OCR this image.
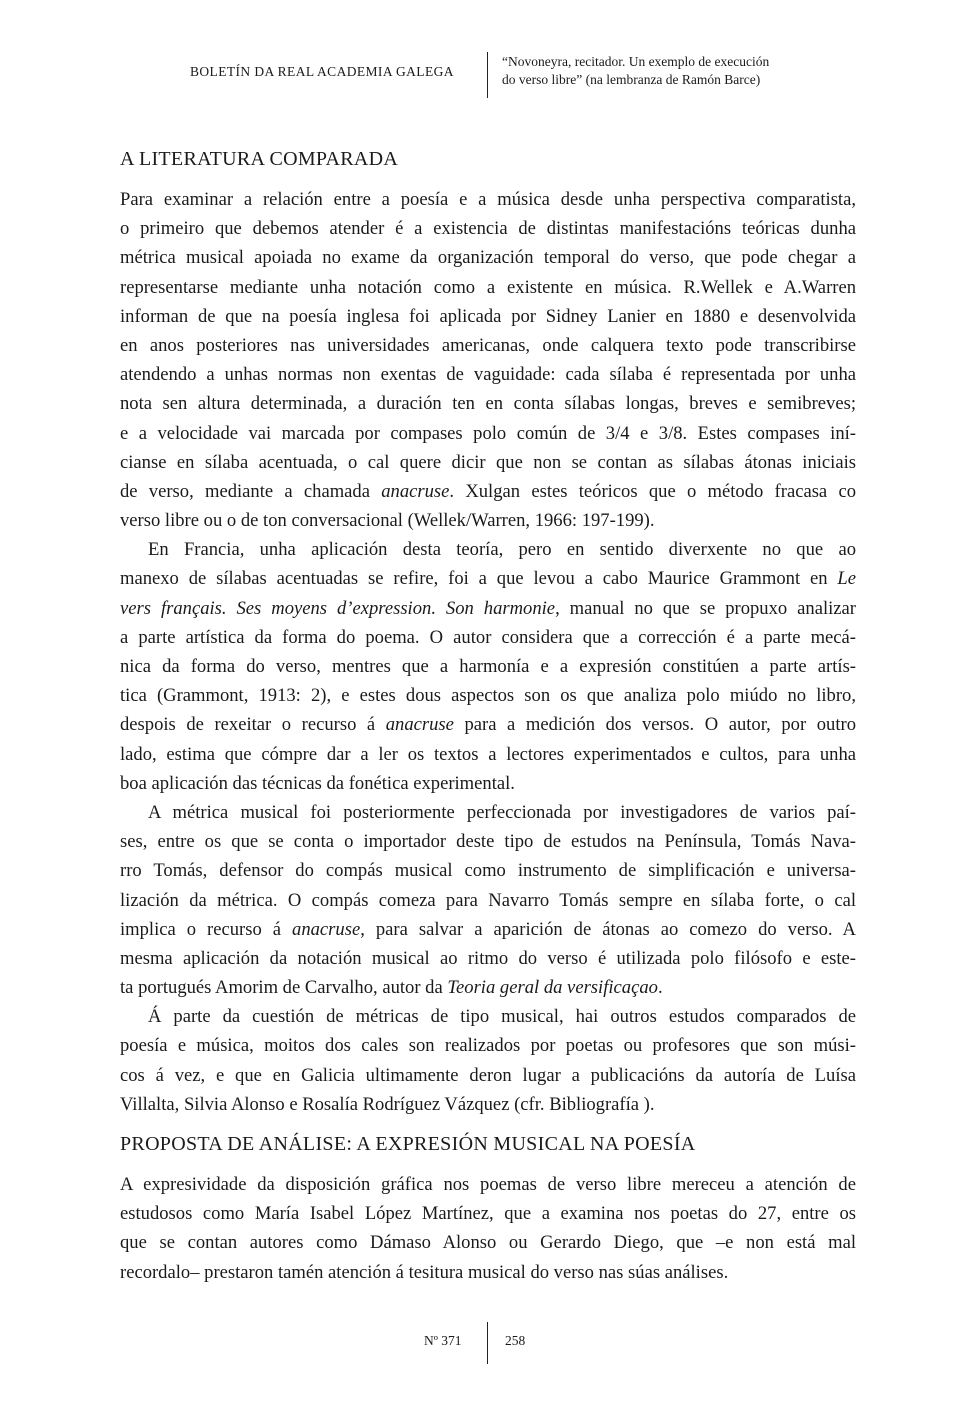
BOLETÍN DA REAL ACADEMIA GALEGA
“Novoneyra, recitador. Un exemplo de execución
do verso libre” (na lembranza de Ramón Barce)
A LITERATURA COMPARADA
Para examinar a relación entre a poesía e a música desde unha perspectiva comparatista,
o primeiro que debemos atender é a existencia de distintas manifestacións teóricas dunha
métrica musical apoiada no exame da organización temporal do verso, que pode chegar a
representarse mediante unha notación como a existente en música. R.Wellek e A.Warren
informan de que na poesía inglesa foi aplicada por Sidney Lanier en 1880 e desenvolvida
en anos posteriores nas universidades americanas, onde calquera texto pode transcribirse
atendendo a unhas normas non exentas de vaguidade: cada sílaba é representada por unha
nota sen altura determinada, a duración ten en conta sílabas longas, breves e semibreves;
e a velocidade vai marcada por compases polo común de 3/4 e 3/8. Estes compases iní-
cianse en sílaba acentuada, o cal quere dicir que non se contan as sílabas átonas iniciais
de verso, mediante a chamada anacruse. Xulgan estes teóricos que o método fracasa co
verso libre ou o de ton conversacional (Wellek/Warren, 1966: 197-199).
En Francia, unha aplicación desta teoría, pero en sentido diverxente no que ao
manexo de sílabas acentuadas se refire, foi a que levou a cabo Maurice Grammont en Le
vers français. Ses moyens d’expression. Son harmonie, manual no que se propuxo analizar
a parte artística da forma do poema. O autor considera que a corrección é a parte mecá-
nica da forma do verso, mentres que a harmonía e a expresión constitúen a parte artís-
tica (Grammont, 1913: 2), e estes dous aspectos son os que analiza polo miúdo no libro,
despois de rexeitar o recurso á anacruse para a medición dos versos. O autor, por outro
lado, estima que cómpre dar a ler os textos a lectores experimentados e cultos, para unha
boa aplicación das técnicas da fonética experimental.
A métrica musical foi posteriormente perfeccionada por investigadores de varios paí-
ses, entre os que se conta o importador deste tipo de estudos na Península, Tomás Nava-
rro Tomás, defensor do compás musical como instrumento de simplificación e universa-
lización da métrica. O compás comeza para Navarro Tomás sempre en sílaba forte, o cal
implica o recurso á anacruse, para salvar a aparición de átonas ao comezo do verso. A
mesma aplicación da notación musical ao ritmo do verso é utilizada polo filósofo e este-
ta portugués Amorim de Carvalho, autor da Teoria geral da versificaçao.
Á parte da cuestión de métricas de tipo musical, hai outros estudos comparados de
poesía e música, moitos dos cales son realizados por poetas ou profesores que son músi-
cos á vez, e que en Galicia ultimamente deron lugar a publicacións da autoría de Luísa
Villalta, Silvia Alonso e Rosalía Rodríguez Vázquez (cfr. Bibliografía ).
PROPOSTA DE ANÁLISE: A EXPRESIÓN MUSICAL NA POESÍA
A expresividade da disposición gráfica nos poemas de verso libre mereceu a atención de
estudosos como María Isabel López Martínez, que a examina nos poetas do 27, entre os
que se contan autores como Dámaso Alonso ou Gerardo Diego, que –e non está mal
recordalo– prestaron tamén atención á tesitura musical do verso nas súas análises.
Nº 371	258
